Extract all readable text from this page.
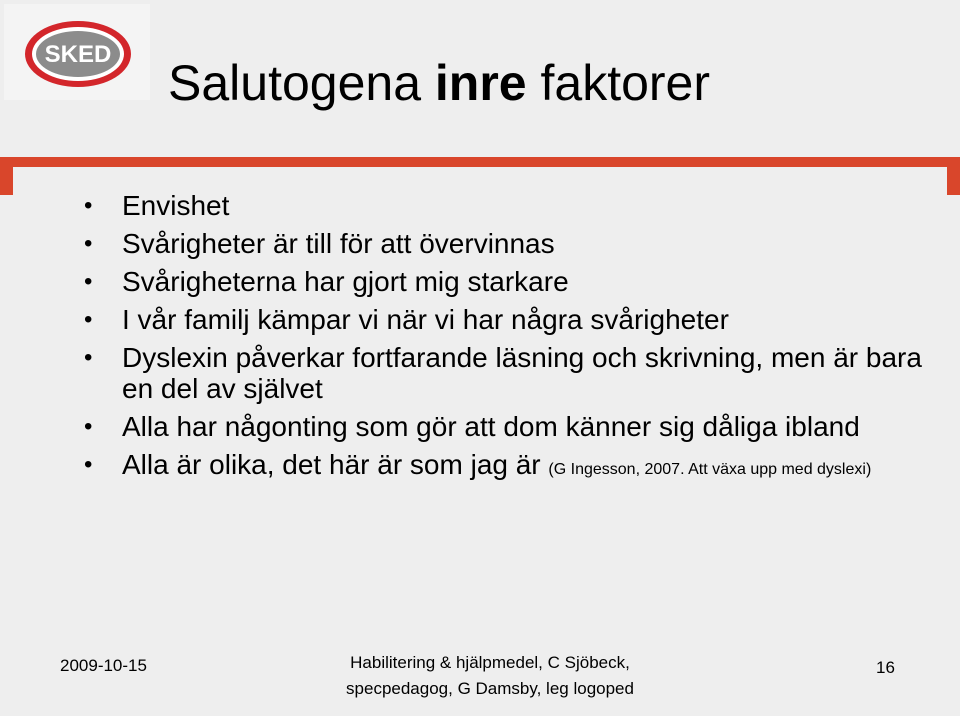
SKED
Salutogena inre faktorer
• Envishet
• Svårigheter är till för att övervinnas
• Svårigheterna har gjort mig starkare
• I vår familj kämpar vi när vi har några svårigheter
• Dyslexin påverkar fortfarande läsning och skrivning, men är bara en del av självet
• Alla har någonting som gör att dom känner sig dåliga ibland
• Alla är olika, det här är som jag är (G Ingesson, 2007. Att växa upp med dyslexi)
2009-10-15	Habilitering & hjälpmedel, C Sjöbeck,
specpedagog, G Damsby, leg logoped
16
